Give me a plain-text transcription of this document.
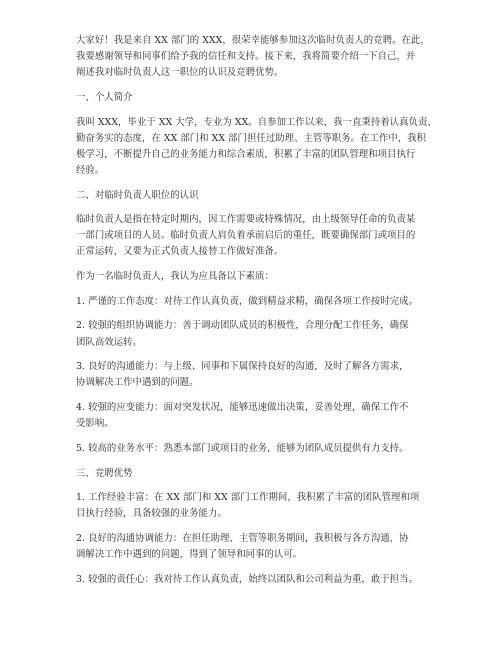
大家好！我是来自 XX 部门的 XXX，很荣幸能够参加这次临时负责人的竞聘。在此，
我要感谢领导和同事们给予我的信任和支持。接下来，我将简要介绍一下自己，并
阐述我对临时负责人这一职位的认识及竞聘优势。

一、个人简介

我叫 XXX，毕业于 XX 大学，专业为 XX。自参加工作以来，我一直秉持着认真负责、
勤奋务实的态度，在 XX 部门和 XX 部门担任过助理、主管等职务。在工作中，我积
极学习，不断提升自己的业务能力和综合素质，积累了丰富的团队管理和项目执行
经验。

二、对临时负责人职位的认识

临时负责人是指在特定时期内，因工作需要或特殊情况，由上级领导任命的负责某
一部门或项目的人员。临时负责人肩负着承前启后的重任，既要确保部门或项目的
正常运转，又要为正式负责人接替工作做好准备。

作为一名临时负责人，我认为应具备以下素质：

1. 严谨的工作态度：对待工作认真负责，做到精益求精，确保各项工作按时完成。

2. 较强的组织协调能力：善于调动团队成员的积极性，合理分配工作任务，确保
团队高效运转。

3. 良好的沟通能力：与上级、同事和下属保持良好的沟通，及时了解各方需求，
协调解决工作中遇到的问题。

4. 较强的应变能力：面对突发状况，能够迅速做出决策，妥善处理，确保工作不
受影响。

5. 较高的业务水平：熟悉本部门或项目的业务，能够为团队成员提供有力支持。

三、竞聘优势

1. 工作经验丰富：在 XX 部门和 XX 部门工作期间，我积累了丰富的团队管理和项
目执行经验，具备较强的业务能力。

2. 良好的沟通协调能力：在担任助理、主管等职务期间，我积极与各方沟通，协
调解决工作中遇到的问题，得到了领导和同事的认可。

3. 较强的责任心：我对待工作认真负责，始终以团队和公司利益为重，敢于担当。
